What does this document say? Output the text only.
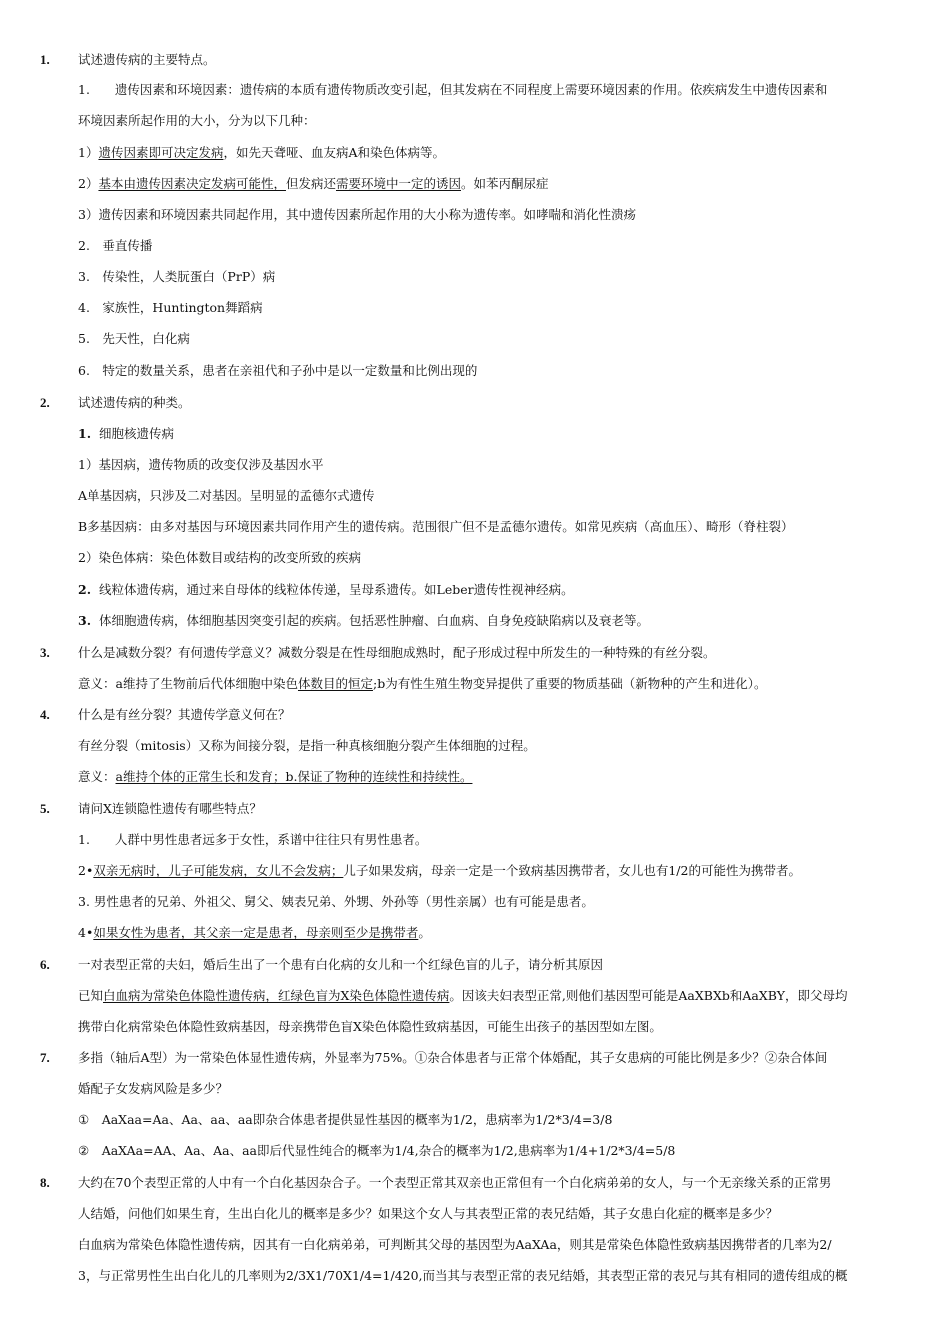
1.	试述遗传病的主要特点。
1.　　遗传因素和环境因素：遗传病的本质有遗传物质改变引起，但其发病在不同程度上需要环境因素的作用。依疾病发生中遗传因素和
环境因素所起作用的大小，分为以下几种：
1）遗传因素即可决定发病，如先天聋哑、血友病A和染色体病等。
2）基本由遗传因素决定发病可能性，但发病还需要环境中一定的诱因。如苯丙酮尿症
3）遗传因素和环境因素共同起作用，其中遗传因素所起作用的大小称为遗传率。如哮喘和消化性溃疡
2.　垂直传播
3.　传染性，人类朊蛋白（PrP）病
4.　家族性，Huntington舞蹈病
5.　先天性，白化病
6.　特定的数量关系，患者在亲祖代和子孙中是以一定数量和比例出现的
2.	试述遗传病的种类。
1. 细胞核遗传病
1）基因病，遗传物质的改变仅涉及基因水平
A单基因病，只涉及二对基因。呈明显的孟德尔式遗传
B多基因病：由多对基因与环境因素共同作用产生的遗传病。范围很广但不是孟德尔遗传。如常见疾病（高血压）、畸形（脊柱裂）
2）染色体病：染色体数目或结构的改变所致的疾病
2. 线粒体遗传病，通过来自母体的线粒体传递，呈母系遗传。如Leber遗传性视神经病。
3. 体细胞遗传病，体细胞基因突变引起的疾病。包括恶性肿瘤、白血病、自身免疫缺陷病以及衰老等。
3.	什么是减数分裂？有何遗传学意义？减数分裂是在性母细胞成熟时，配子形成过程中所发生的一种特殊的有丝分裂。
意义：a维持了生物前后代体细胞中染色体数目的恒定;b为有性生殖生物变异提供了重要的物质基础（新物种的产生和进化）。
4.	什么是有丝分裂？其遗传学意义何在？
有丝分裂（mitosis）又称为间接分裂，是指一种真核细胞分裂产生体细胞的过程。
意义：a维持个体的正常生长和发育；b.保证了物种的连续性和持续性。
5.	请问X连锁隐性遗传有哪些特点？
1.　　人群中男性患者远多于女性，系谱中往往只有男性患者。
2•双亲无病时，儿子可能发病，女儿不会发病；儿子如果发病，母亲一定是一个致病基因携带者，女儿也有1/2的可能性为携带者。
3. 男性患者的兄弟、外祖父、舅父、姨表兄弟、外甥、外孙等（男性亲属）也有可能是患者。
4•如果女性为患者，其父亲一定是患者，母亲则至少是携带者。
6.	一对表型正常的夫妇，婚后生出了一个患有白化病的女儿和一个红绿色盲的儿子，请分析其原因
已知白血病为常染色体隐性遗传病，红绿色盲为X染色体隐性遗传病。因该夫妇表型正常,则他们基因型可能是AaXBXb和AaXBY，即父母均
携带白化病常染色体隐性致病基因，母亲携带色盲X染色体隐性致病基因，可能生出孩子的基因型如左图。
7.	多指（轴后A型）为一常染色体显性遗传病，外显率为75%。①杂合体患者与正常个体婚配，其子女患病的可能比例是多少？②杂合体间
婚配子女发病风险是多少？
①　AaXaa=Aa、Aa、aa、aa即杂合体患者提供显性基因的概率为1/2，患病率为1/2*3/4=3/8
②　AaXAa=AA、Aa、Aa、aa即后代显性纯合的概率为1/4,杂合的概率为1/2,患病率为1/4+1/2*3/4=5/8
8.	大约在70个表型正常的人中有一个白化基因杂合子。一个表型正常其双亲也正常但有一个白化病弟弟的女人，与一个无亲缘关系的正常男
人结婚，问他们如果生育，生出白化儿的概率是多少？如果这个女人与其表型正常的表兄结婚，其子女患白化症的概率是多少？
白血病为常染色体隐性遗传病，因其有一白化病弟弟，可判断其父母的基因型为AaXAa，则其是常染色体隐性致病基因携带者的几率为2/
3，与正常男性生出白化儿的几率则为2/3X1/70X1/4=1/420,而当其与表型正常的表兄结婚，其表型正常的表兄与其有相同的遗传组成的概
